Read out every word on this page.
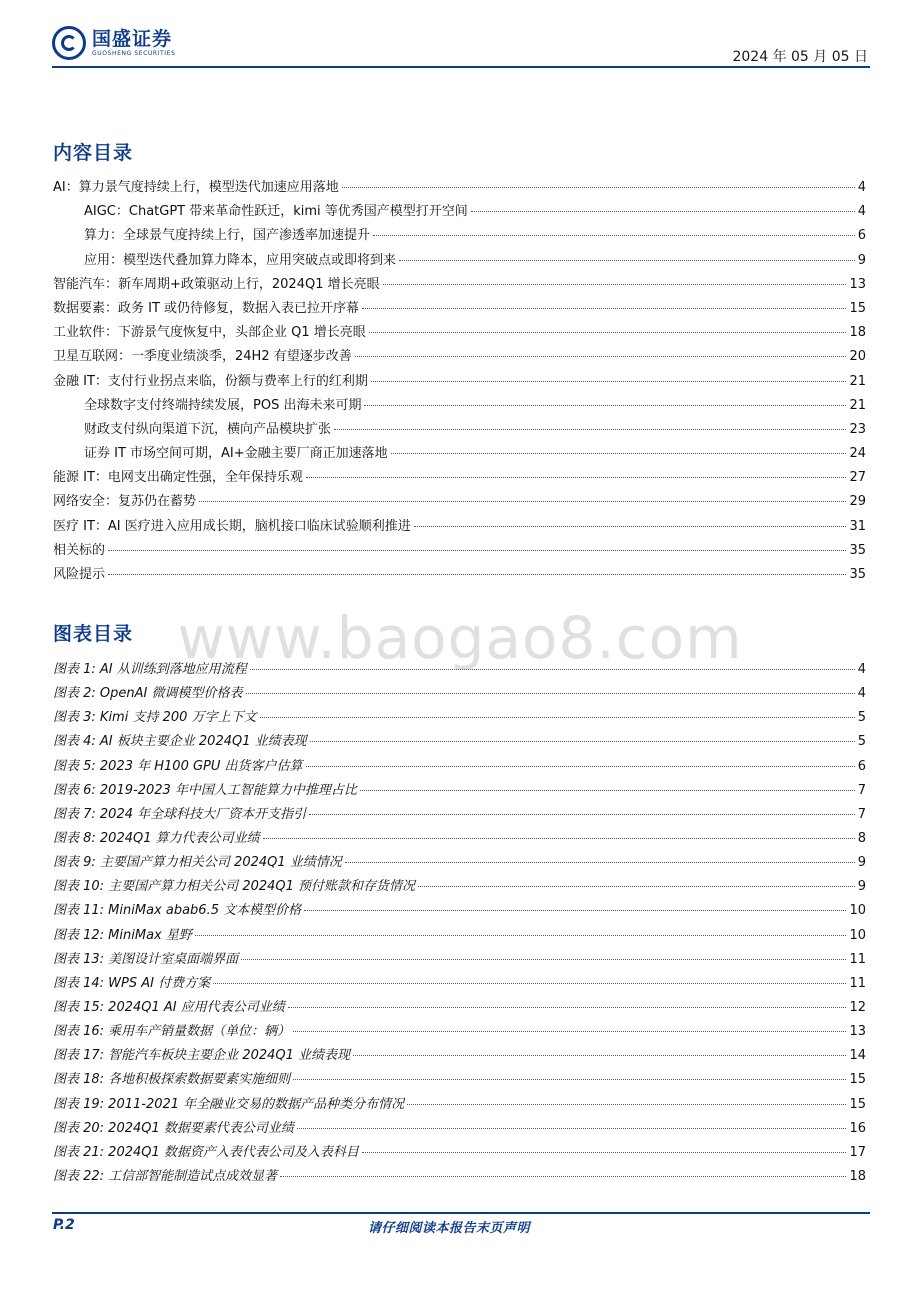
国盛证券
GUOSHENG SECURITIES	2024 年 05 月 05 日
内容目录
AI：算力景气度持续上行，模型迭代加速应用落地	4
AIGC：ChatGPT 带来革命性跃迁，kimi 等优秀国产模型打开空间	4
算力：全球景气度持续上行，国产渗透率加速提升	6
应用：模型迭代叠加算力降本，应用突破点或即将到来	9
智能汽车：新车周期+政策驱动上行，2024Q1 增长亮眼	13
数据要素：政务 IT 或仍待修复，数据入表已拉开序幕	15
工业软件：下游景气度恢复中，头部企业 Q1 增长亮眼	18
卫星互联网：一季度业绩淡季，24H2 有望逐步改善	20
金融 IT：支付行业拐点来临，份额与费率上行的红利期	21
全球数字支付终端持续发展，POS 出海未来可期	21
财政支付纵向渠道下沉，横向产品模块扩张	23
证券 IT 市场空间可期，AI+金融主要厂商正加速落地	24
能源 IT：电网支出确定性强，全年保持乐观	27
网络安全：复苏仍在蓄势	29
医疗 IT：AI 医疗进入应用成长期，脑机接口临床试验顺利推进	31
相关标的	35
风险提示	35
www.baogao8.com
图表目录
图表 1: AI 从训练到落地应用流程	4
图表 2: OpenAI 微调模型价格表	4
图表 3: Kimi 支持 200 万字上下文	5
图表 4: AI 板块主要企业 2024Q1 业绩表现	5
图表 5: 2023 年 H100 GPU 出货客户估算	6
图表 6: 2019-2023 年中国人工智能算力中推理占比	7
图表 7: 2024 年全球科技大厂资本开支指引	7
图表 8: 2024Q1 算力代表公司业绩	8
图表 9: 主要国产算力相关公司 2024Q1 业绩情况	9
图表 10: 主要国产算力相关公司 2024Q1 预付账款和存货情况	9
图表 11: MiniMax abab6.5 文本模型价格	10
图表 12: MiniMax 星野	10
图表 13: 美图设计室桌面端界面	11
图表 14: WPS AI 付费方案	11
图表 15: 2024Q1 AI 应用代表公司业绩	12
图表 16: 乘用车产销量数据（单位：辆）	13
图表 17: 智能汽车板块主要企业 2024Q1 业绩表现	14
图表 18: 各地积极探索数据要素实施细则	15
图表 19: 2011-2021 年全融业交易的数据产品种类分布情况	15
图表 20: 2024Q1 数据要素代表公司业绩	16
图表 21: 2024Q1 数据资产入表代表公司及入表科目	17
图表 22: 工信部智能制造试点成效显著	18
P.2	请仔细阅读本报告末页声明
